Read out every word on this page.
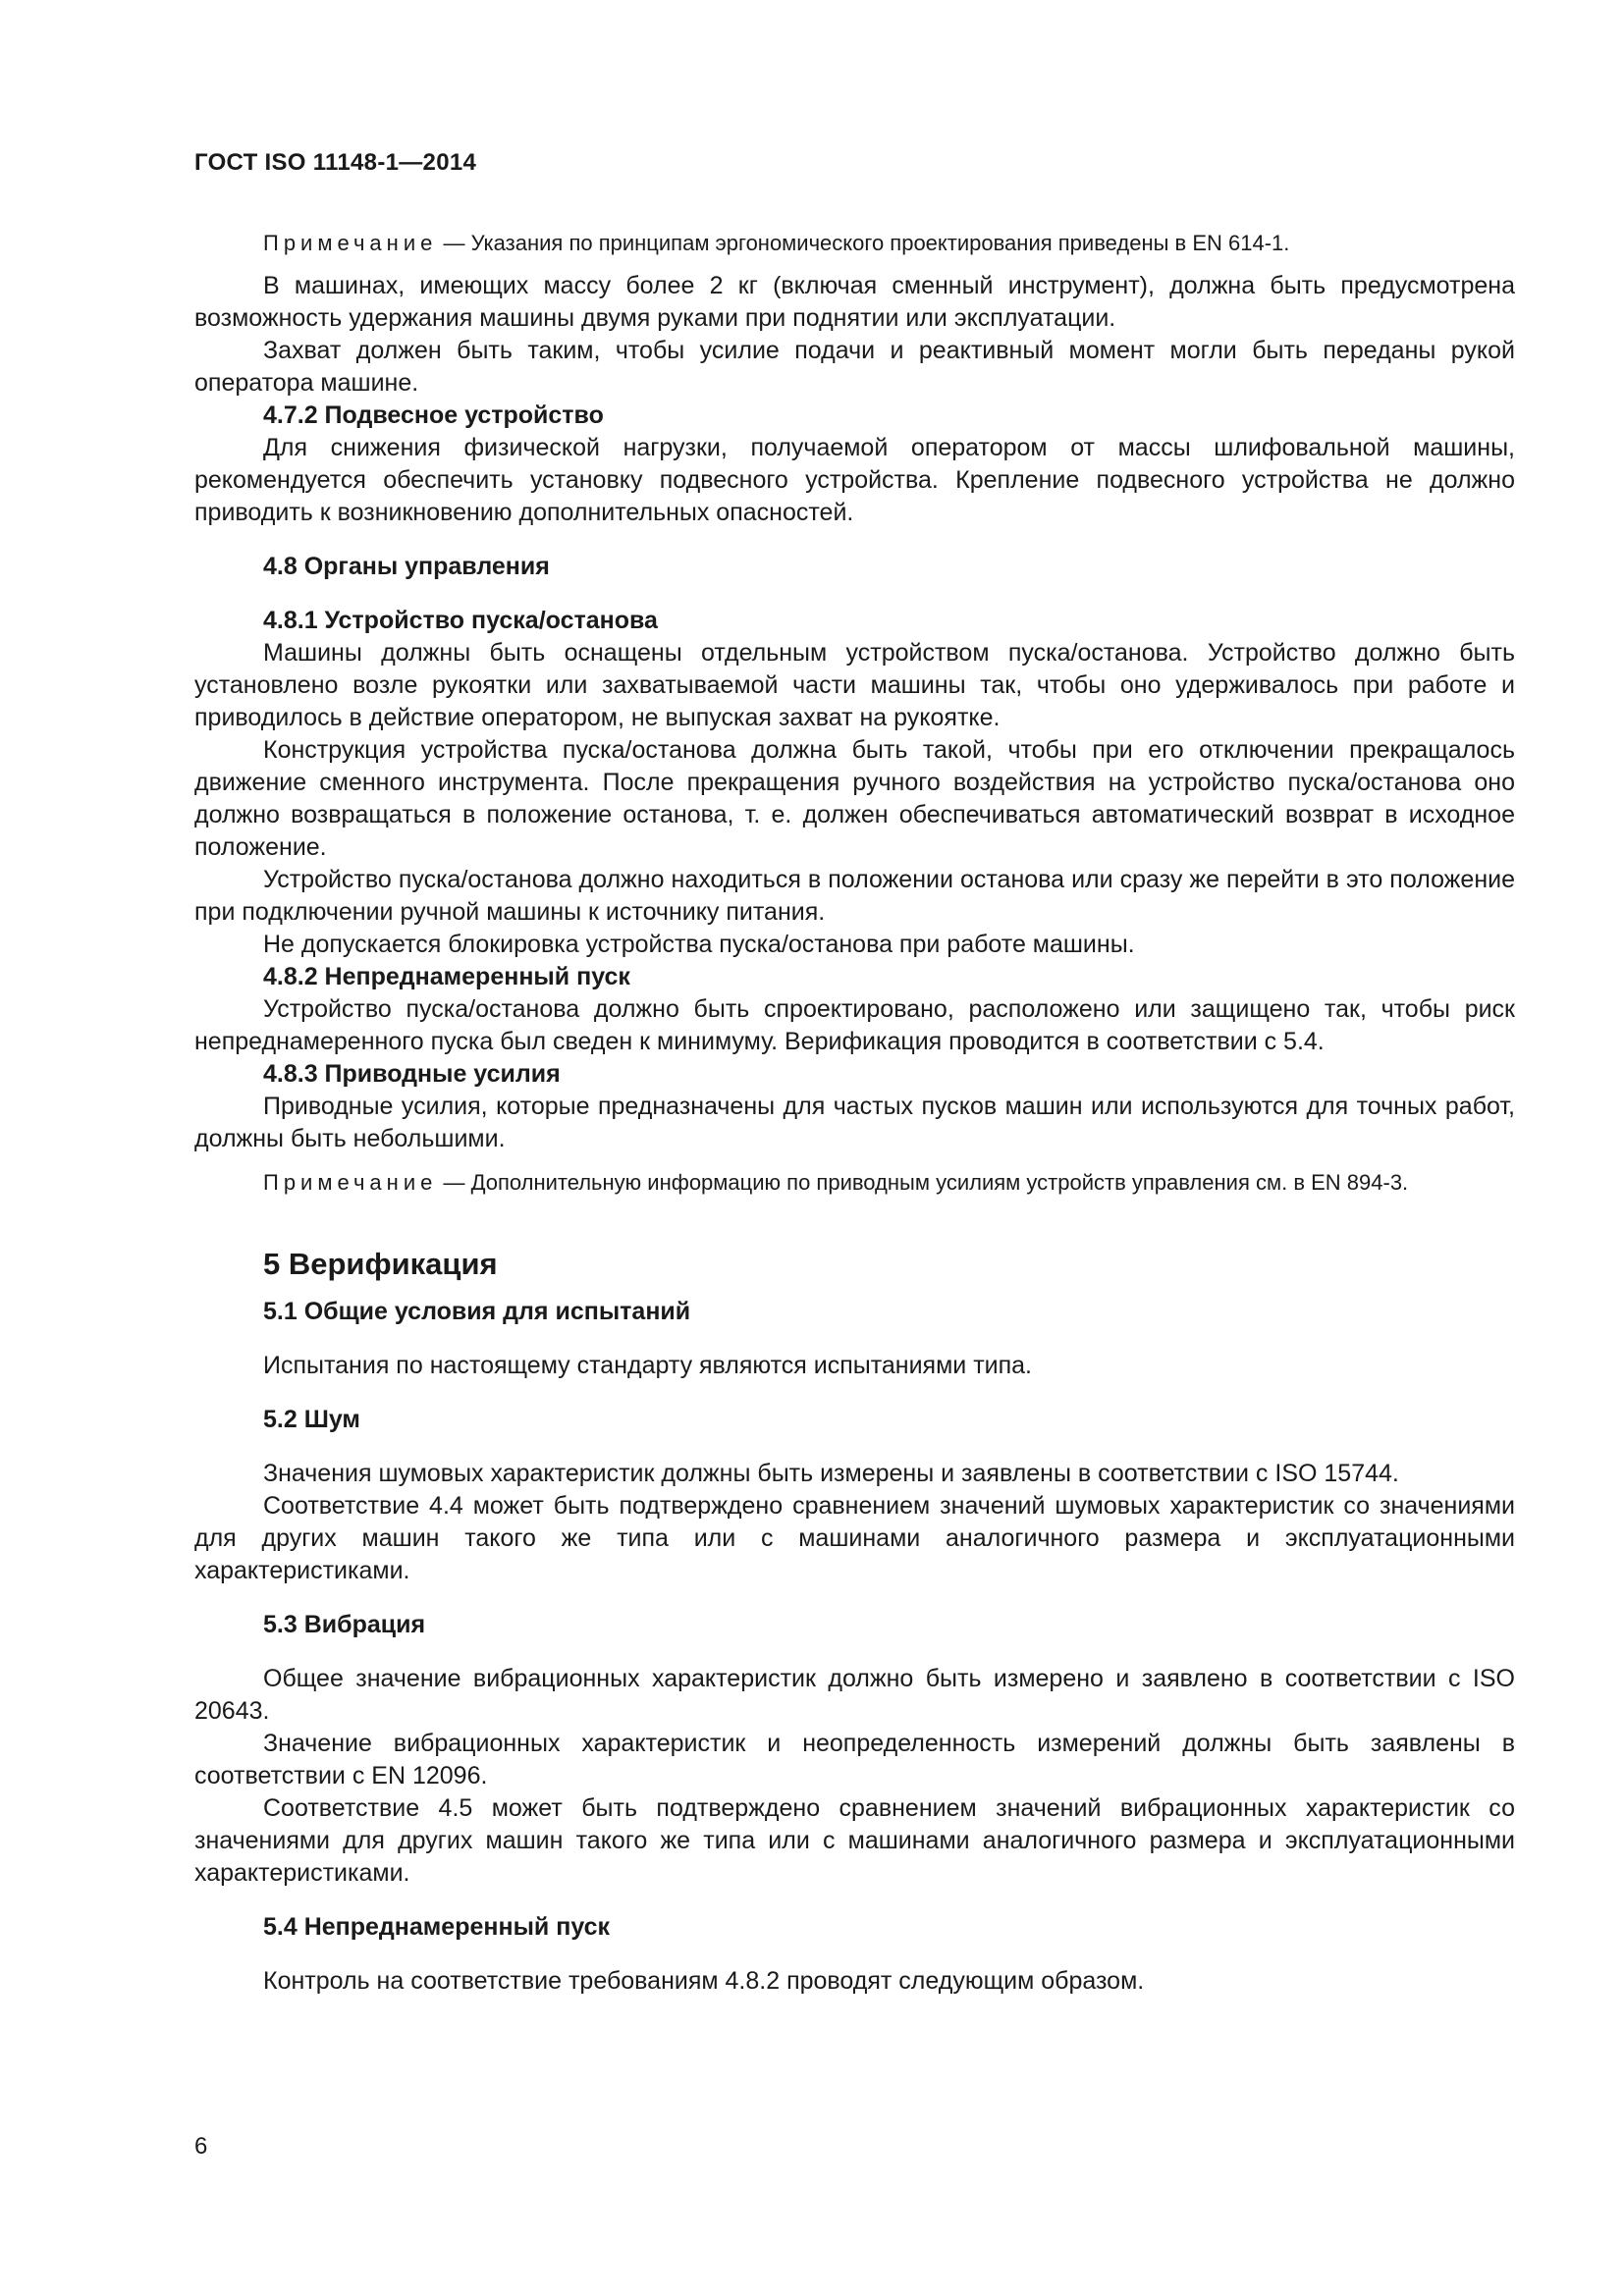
ГОСТ ISO 11148-1—2014

Примечание — Указания по принципам эргономического проектирования приведены в EN 614-1.

В машинах, имеющих массу более 2 кг (включая сменный инструмент), должна быть предусмотрена возможность удержания машины двумя руками при поднятии или эксплуатации.

Захват должен быть таким, чтобы усилие подачи и реактивный момент могли быть переданы рукой оператора машине.

4.7.2 Подвесное устройство

Для снижения физической нагрузки, получаемой оператором от массы шлифовальной машины, рекомендуется обеспечить установку подвесного устройства. Крепление подвесного устройства не должно приводить к возникновению дополнительных опасностей.

4.8 Органы управления
4.8.1 Устройство пуска/останова

Машины должны быть оснащены отдельным устройством пуска/останова. Устройство должно быть установлено возле рукоятки или захватываемой части машины так, чтобы оно удерживалось при работе и приводилось в действие оператором, не выпуская захват на рукоятке.

Конструкция устройства пуска/останова должна быть такой, чтобы при его отключении прекращалось движение сменного инструмента. После прекращения ручного воздействия на устройство пуска/останова оно должно возвращаться в положение останова, т. е. должен обеспечиваться автоматический возврат в исходное положение.

Устройство пуска/останова должно находиться в положении останова или сразу же перейти в это положение при подключении ручной машины к источнику питания.

Не допускается блокировка устройства пуска/останова при работе машины.

4.8.2 Непреднамеренный пуск

Устройство пуска/останова должно быть спроектировано, расположено или защищено так, чтобы риск непреднамеренного пуска был сведен к минимуму. Верификация проводится в соответствии с 5.4.

4.8.3 Приводные усилия

Приводные усилия, которые предназначены для частых пусков машин или используются для точных работ, должны быть небольшими.

Примечание — Дополнительную информацию по приводным усилиям устройств управления см. в EN 894-3.

5 Верификация
5.1 Общие условия для испытаний

Испытания по настоящему стандарту являются испытаниями типа.

5.2 Шум

Значения шумовых характеристик должны быть измерены и заявлены в соответствии с ISO 15744.

Соответствие 4.4 может быть подтверждено сравнением значений шумовых характеристик со значениями для других машин такого же типа или с машинами аналогичного размера и эксплуатационными характеристиками.

5.3 Вибрация

Общее значение вибрационных характеристик должно быть измерено и заявлено в соответствии с ISO 20643.

Значение вибрационных характеристик и неопределенность измерений должны быть заявлены в соответствии с EN 12096.

Соответствие 4.5 может быть подтверждено сравнением значений вибрационных характеристик со значениями для других машин такого же типа или с машинами аналогичного размера и эксплуатационными характеристиками.

5.4 Непреднамеренный пуск

Контроль на соответствие требованиям 4.8.2 проводят следующим образом.

6
